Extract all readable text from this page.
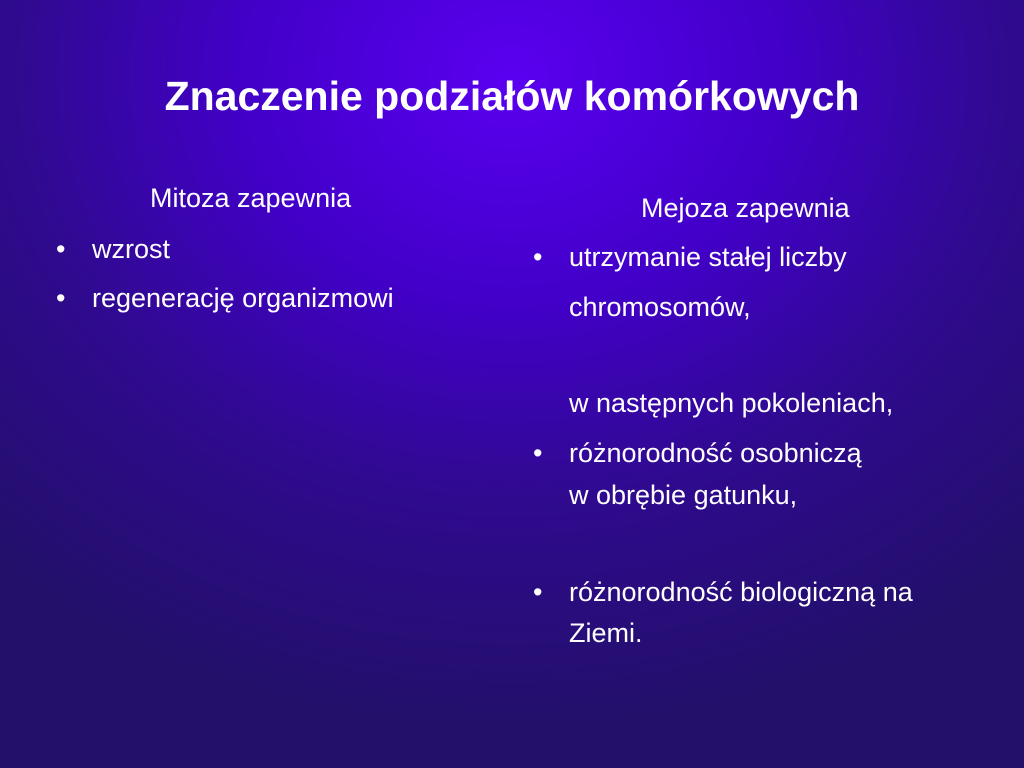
Znaczenie podziałów komórkowych
Mitoza zapewnia
• wzrost
• regenerację organizmowi
Mejoza zapewnia
• utrzymanie stałej liczby
chromosomów,
w następnych pokoleniach,
• różnorodność osobniczą
w obrębie gatunku,
• różnorodność biologiczną na
Ziemi.
